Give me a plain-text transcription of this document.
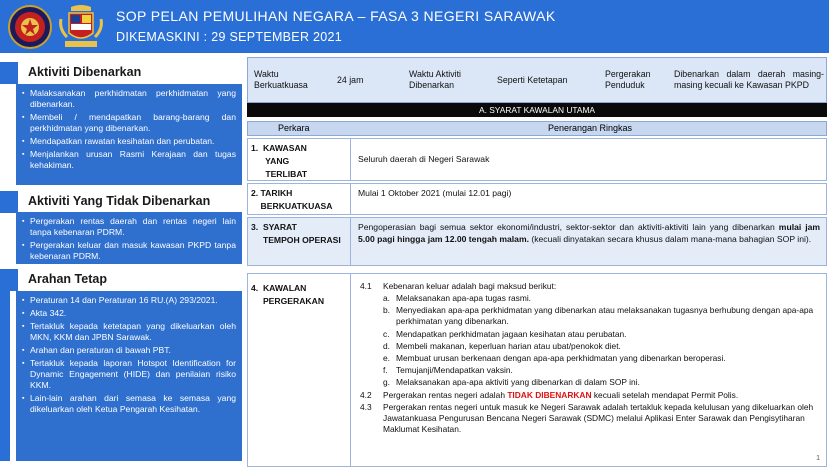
SOP PELAN PEMULIHAN NEGARA – FASA 3 NEGERI SARAWAK
DIKEMASKINI : 29 SEPTEMBER 2021
Aktiviti Dibenarkan
▪ Malaksanakan perkhidmatan perkhidmatan yang dibenarkan.
▪ Membeli / mendapatkan barang-barang dan perkhidmatan yang dibenarkan.
▪ Mendapatkan rawatan kesihatan dan perubatan.
▪ Menjalankan urusan Rasmi Kerajaan dan tugas kehakiman.
Aktiviti Yang Tidak Dibenarkan
▪ Pergerakan rentas daerah dan rentas negeri lain tanpa kebenaran PDRM.
▪ Pergerakan keluar dan masuk kawasan PKPD tanpa kebenaran PDRM.
Arahan Tetap
▪ Peraturan 14 dan Peraturan 16 RU.(A) 293/2021.
▪ Akta 342.
▪ Tertakluk kepada ketetapan yang dikeluarkan oleh MKN, KKM dan JPBN Sarawak.
▪ Arahan dan peraturan di bawah PBT.
▪ Tertakluk kepada laporan Hotspot Identification for Dynamic Engagement (HIDE) dan penilaian risiko KKM.
▪ Lain-lain arahan dari semasa ke semasa yang dikeluarkan oleh Ketua Pengarah Kesihatan.
Waktu Berkuatkuasa
24 jam
Waktu Aktiviti Dibenarkan
Seperti Ketetapan
Pergerakan Penduduk
Dibenarkan dalam daerah masing-masing kecuali ke Kawasan PKPD
A. SYARAT KAWALAN UTAMA
Perkara	Penerangan Ringkas
1.  KAWASAN
YANG
TERLIBAT
Seluruh daerah di Negeri Sarawak
2. TARIKH
BERKUATKUASA
Mulai 1 Oktober 2021 (mulai 12.01 pagi)
3.  SYARAT
TEMPOH OPERASI
Pengoperasian bagi semua sektor ekonomi/industri, sektor-sektor dan aktiviti-aktiviti lain yang dibenarkan mulai jam 5.00 pagi hingga jam 12.00 tengah malam. (kecuali dinyatakan secara khusus dalam mana-mana bahagian SOP ini).
4.  KAWALAN
PERGERAKAN
4.1 Kebenaran keluar adalah bagi maksud berikut:
a. Melaksanakan apa-apa tugas rasmi.
b. Menyediakan apa-apa perkhidmatan yang dibenarkan atau melaksanakan tugasnya berhubung dengan apa-apa perkhimatan yang dibenarkan.
c. Mendapatkan perkhidmatan jagaan kesihatan atau perubatan.
d. Membeli makanan, keperluan harian atau ubat/penokok diet.
e. Membuat urusan berkenaan dengan apa-apa perkhidmatan yang dibenarkan beroperasi.
f. Temujanji/Mendapatkan vaksin.
g. Melaksanakan apa-apa aktiviti yang dibenarkan di dalam SOP ini.
4.2 Pergerakan rentas negeri adalah TIDAK DIBENARKAN kecuali setelah mendapat Permit Polis.
4.3 Pergerakan rentas negeri untuk masuk ke Negeri Sarawak adalah tertakluk kepada kelulusan yang dikeluarkan oleh Jawatankuasa Pengurusan Bencana Negeri Sarawak (SDMC) melalui Aplikasi Enter Sarawak dan Pengisytiharan Maklumat Kesihatan.
1
